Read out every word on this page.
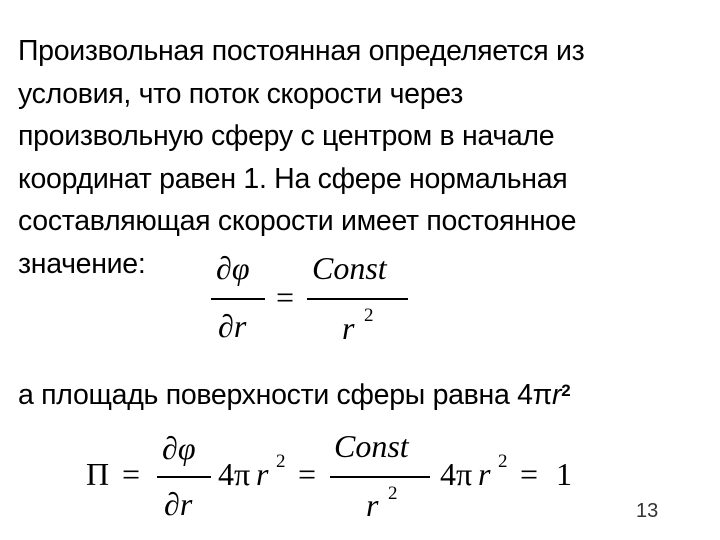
Произвольная постоянная определяется из
условия, что поток скорости через
произвольную сферу с центром в начале
координат равен 1. На сфере нормальная
составляющая скорости имеет постоянное
значение:	∂φ
∂r
=
Const
r 2
а площадь поверхности сферы равна $4\pi r^2$
Π =
∂φ
∂r
4π r 2 =
Const
r 2
4π r 2 = 1
13
